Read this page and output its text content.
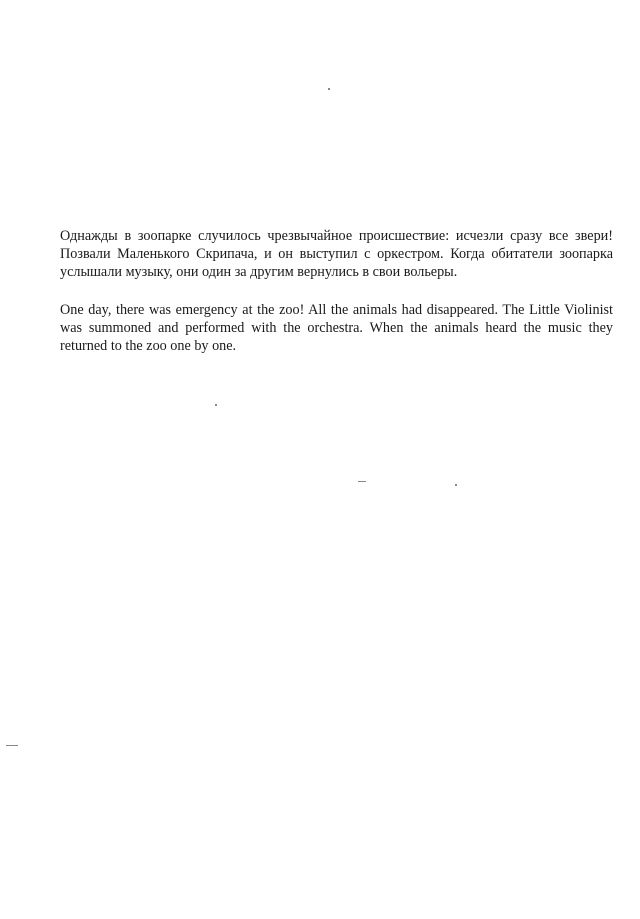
Однажды в зоопарке случилось чрезвычайное происшествие: исчезли сразу все звери! Позвали Маленького Скрипача, и он выступил с оркестром. Когда обитатели зоопарка услышали музыку, они один за другим вернулись в свои вольеры.

One day, there was emergency at the zoo! All the animals had disappeared. The Little Violinist was summoned and performed with the orchestra. When the animals heard the music they returned to the zoo one by one.
